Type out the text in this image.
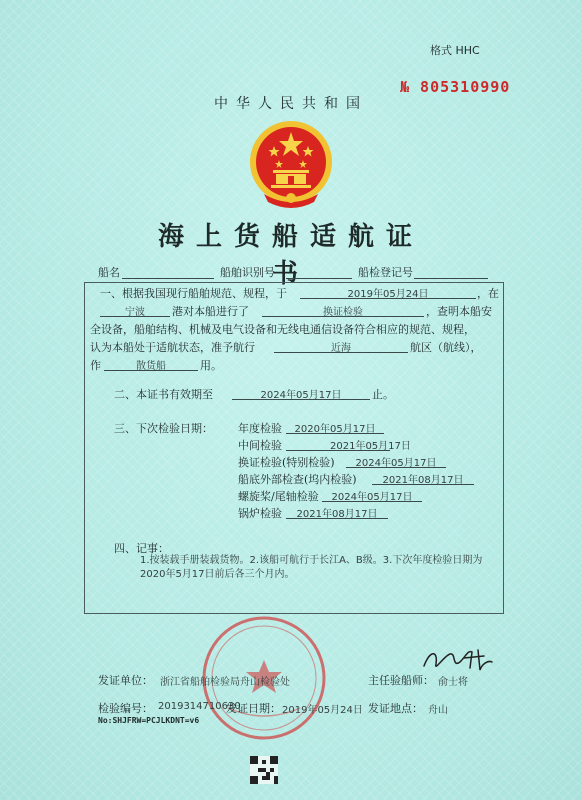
格式 HHC
№ 805310990
中华人民共和国
海上货船适航证书
船名	船舶识别号	船检登记号
一、根据我国现行船舶规范、规程，于	2019年05月24日	，在
宁波	港对本船进行了	换证检验	，查明本船安
全设备，船舶结构、机械及电气设备和无线电通信设备符合相应的规范、规程，
认为本船处于适航状态，准予航行	近海	航区（航线），
作	散货船	用。
二、本证书有效期至	2024年05月17日	止。
三、下次检验日期： 年度检验	2020年05月17日
中间检验	2021年05月17日
换证检验(特别检验)	2024年05月17日
船底外部检查(坞内检验)	2021年08月17日
螺旋桨/尾轴检验	2024年05月17日
锅炉检验	2021年08月17日
四、记事：
1.按装载手册装载货物。2.该船可航行于长江A、B级。3.下次年度检验日期为2020年5月17日前后各三个月内。
发证单位： 浙江省船舶检验局舟山检验处	主任验船师： 俞士将
检验编号： 2019314710630
发证日期： 2019年05月24日 发证地点： 舟山
No:SHJFRW=PCJLKDNT=v6
